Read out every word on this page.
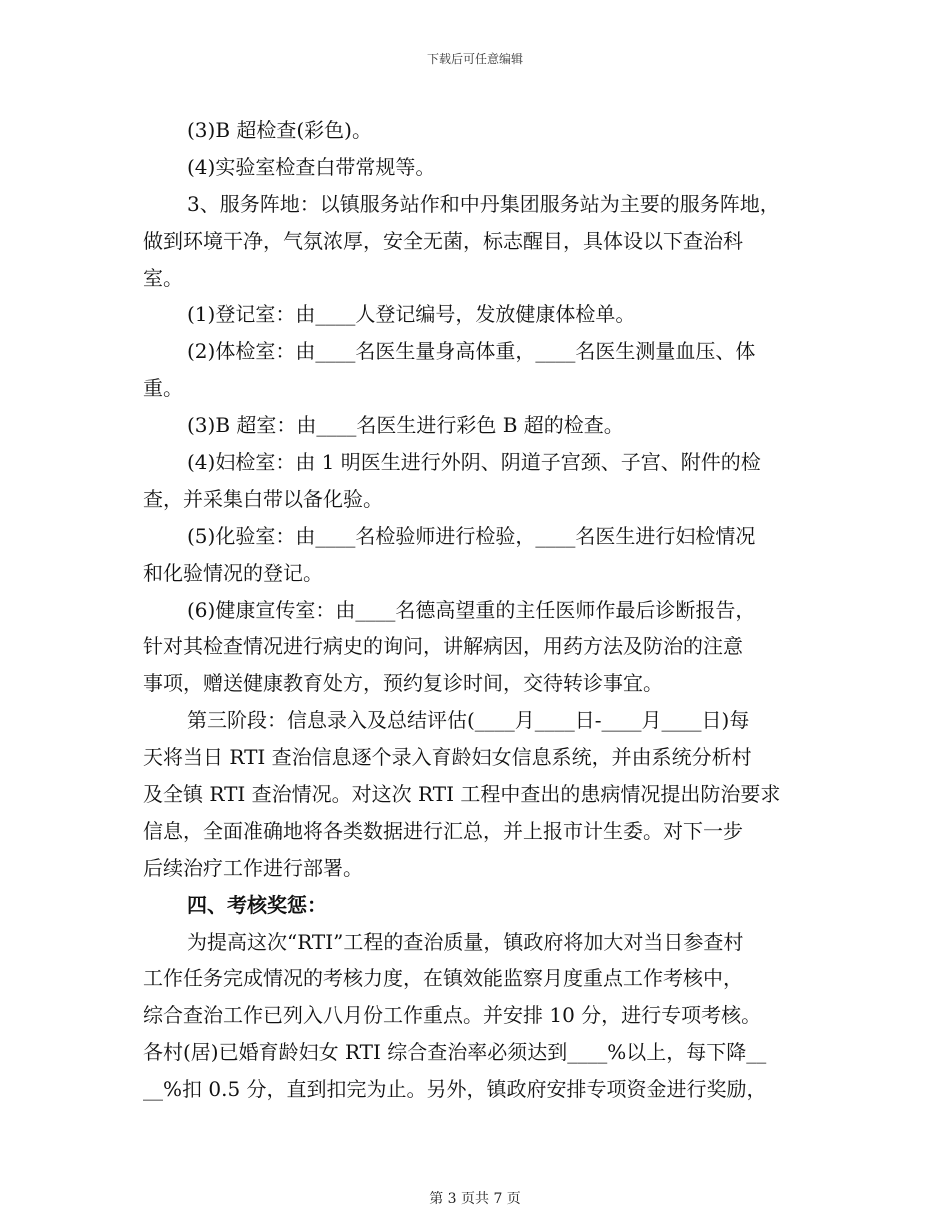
下载后可任意编辑
(3)B 超检查(彩色)。
(4)实验室检查白带常规等。
3、服务阵地：以镇服务站作和中丹集团服务站为主要的服务阵地，
做到环境干净，气氛浓厚，安全无菌，标志醒目，具体设以下查治科
室。
(1)登记室：由____人登记编号，发放健康体检单。
(2)体检室：由____名医生量身高体重，____名医生测量血压、体
重。
(3)B 超室：由____名医生进行彩色 B 超的检查。
(4)妇检室：由 1 明医生进行外阴、阴道子宫颈、子宫、附件的检
查，并采集白带以备化验。
(5)化验室：由____名检验师进行检验，____名医生进行妇检情况
和化验情况的登记。
(6)健康宣传室：由____名德高望重的主任医师作最后诊断报告，
针对其检查情况进行病史的询问，讲解病因，用药方法及防治的注意
事项，赠送健康教育处方，预约复诊时间，交待转诊事宜。
第三阶段：信息录入及总结评估(____月____日-____月____日)每
天将当日 RTI 查治信息逐个录入育龄妇女信息系统，并由系统分析村
及全镇 RTI 查治情况。对这次 RTI 工程中查出的患病情况提出防治要求
信息，全面准确地将各类数据进行汇总，并上报市计生委。对下一步
后续治疗工作进行部署。
四、考核奖惩：
为提高这次“RTI”工程的查治质量，镇政府将加大对当日参查村
工作任务完成情况的考核力度，在镇效能监察月度重点工作考核中，
综合查治工作已列入八月份工作重点。并安排 10 分，进行专项考核。
各村(居)已婚育龄妇女 RTI 综合查治率必须达到____%以上，每下降__
__%扣 0.5 分，直到扣完为止。另外，镇政府安排专项资金进行奖励，
第 3 页共 7 页
